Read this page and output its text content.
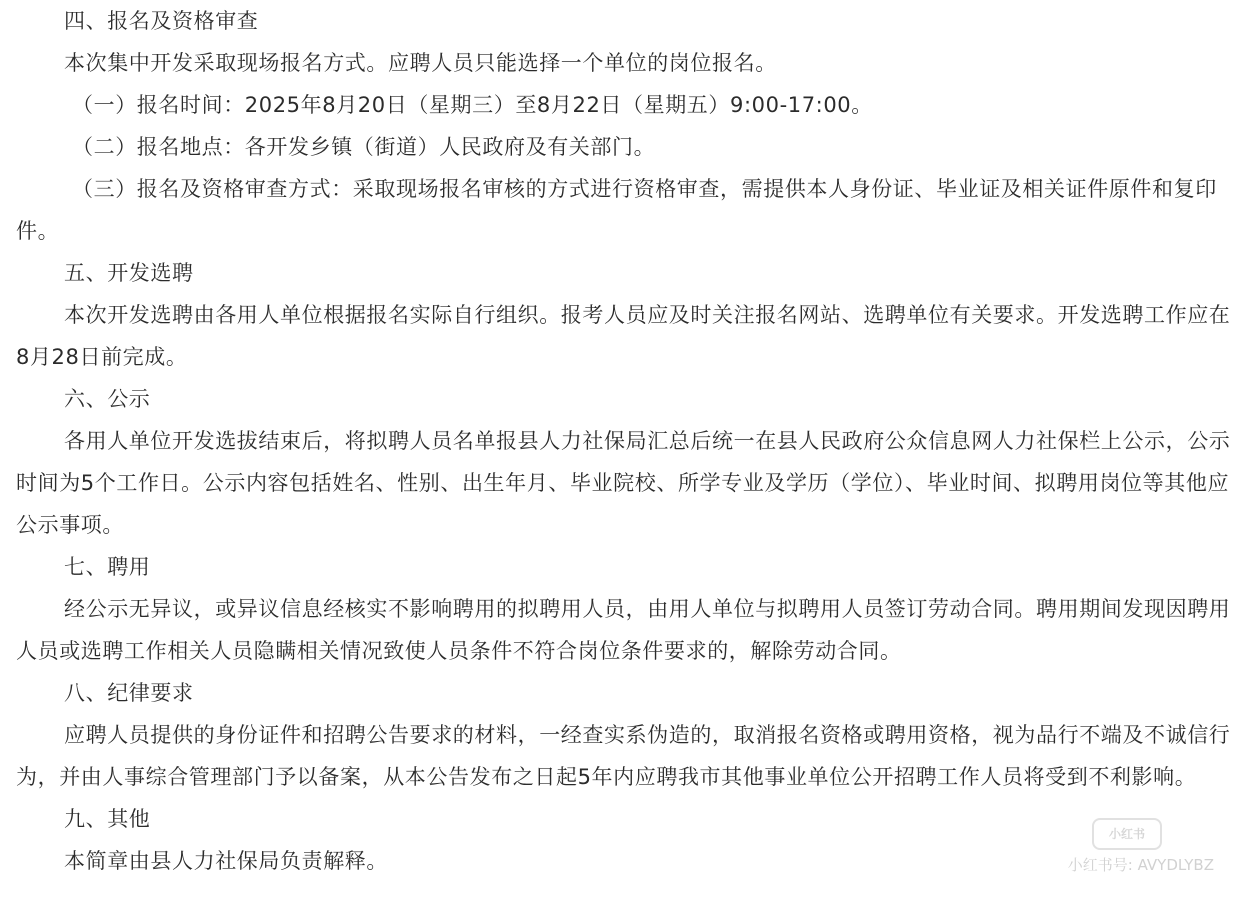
四、报名及资格审查

本次集中开发采取现场报名方式。应聘人员只能选择一个单位的岗位报名。

（一）报名时间：2025年8月20日（星期三）至8月22日（星期五）9:00-17:00。

（二）报名地点：各开发乡镇（街道）人民政府及有关部门。

（三）报名及资格审查方式：采取现场报名审核的方式进行资格审查，需提供本人身份证、毕业证及相关证件原件和复印件。

五、开发选聘

本次开发选聘由各用人单位根据报名实际自行组织。报考人员应及时关注报名网站、选聘单位有关要求。开发选聘工作应在8月28日前完成。

六、公示

各用人单位开发选拔结束后，将拟聘人员名单报县人力社保局汇总后统一在县人民政府公众信息网人力社保栏上公示，公示时间为5个工作日。公示内容包括姓名、性别、出生年月、毕业院校、所学专业及学历（学位）、毕业时间、拟聘用岗位等其他应公示事项。

七、聘用

经公示无异议，或异议信息经核实不影响聘用的拟聘用人员，由用人单位与拟聘用人员签订劳动合同。聘用期间发现因聘用人员或选聘工作相关人员隐瞒相关情况致使人员条件不符合岗位条件要求的，解除劳动合同。

八、纪律要求

应聘人员提供的身份证件和招聘公告要求的材料，一经查实系伪造的，取消报名资格或聘用资格，视为品行不端及不诚信行为，并由人事综合管理部门予以备案，从本公告发布之日起5年内应聘我市其他事业单位公开招聘工作人员将受到不利影响。

九、其他

本简章由县人力社保局负责解释。

小红书
小红书号: AVYDLYBZ
